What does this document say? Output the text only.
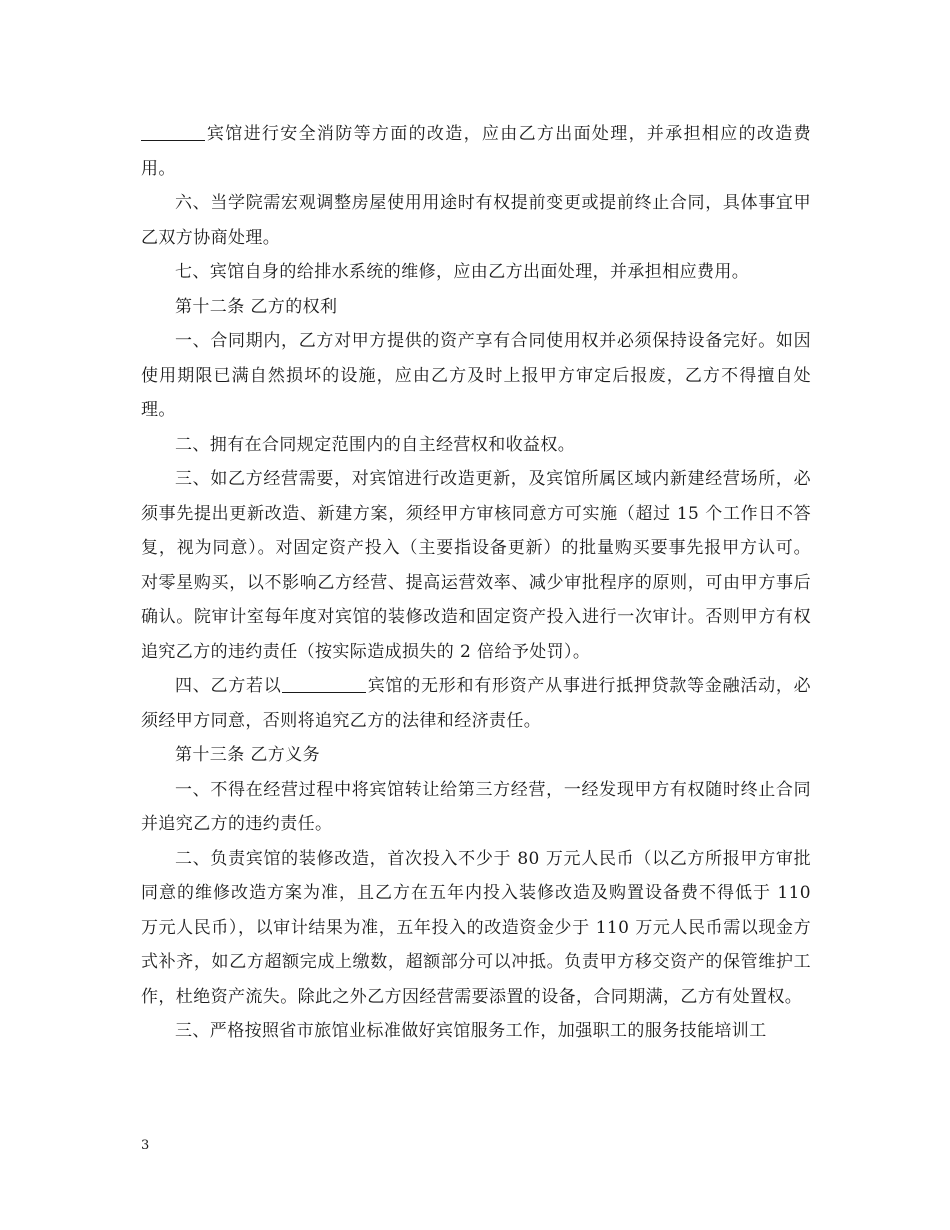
宾馆进行安全消防等方面的改造，应由乙方出面处理，并承担相应的改造费用。

六、当学院需宏观调整房屋使用用途时有权提前变更或提前终止合同，具体事宜甲乙双方协商处理。

七、宾馆自身的给排水系统的维修，应由乙方出面处理，并承担相应费用。

第十二条 乙方的权利

一、合同期内，乙方对甲方提供的资产享有合同使用权并必须保持设备完好。如因使用期限已满自然损坏的设施，应由乙方及时上报甲方审定后报废，乙方不得擅自处理。

二、拥有在合同规定范围内的自主经营权和收益权。

三、如乙方经营需要，对宾馆进行改造更新，及宾馆所属区域内新建经营场所，必须事先提出更新改造、新建方案，须经甲方审核同意方可实施（超过 15 个工作日不答复，视为同意）。对固定资产投入（主要指设备更新）的批量购买要事先报甲方认可。对零星购买，以不影响乙方经营、提高运营效率、减少审批程序的原则，可由甲方事后确认。院审计室每年度对宾馆的装修改造和固定资产投入进行一次审计。否则甲方有权追究乙方的违约责任（按实际造成损失的 2 倍给予处罚）。

四、乙方若以	宾馆的无形和有形资产从事进行抵押贷款等金融活动，必须经甲方同意，否则将追究乙方的法律和经济责任。

第十三条 乙方义务

一、不得在经营过程中将宾馆转让给第三方经营，一经发现甲方有权随时终止合同并追究乙方的违约责任。

二、负责宾馆的装修改造，首次投入不少于 80 万元人民币（以乙方所报甲方审批同意的维修改造方案为准，且乙方在五年内投入装修改造及购置设备费不得低于 110 万元人民币），以审计结果为准，五年投入的改造资金少于 110 万元人民币需以现金方式补齐，如乙方超额完成上缴数，超额部分可以冲抵。负责甲方移交资产的保管维护工作，杜绝资产流失。除此之外乙方因经营需要添置的设备，合同期满，乙方有处置权。

三、严格按照省市旅馆业标准做好宾馆服务工作，加强职工的服务技能培训工

3
